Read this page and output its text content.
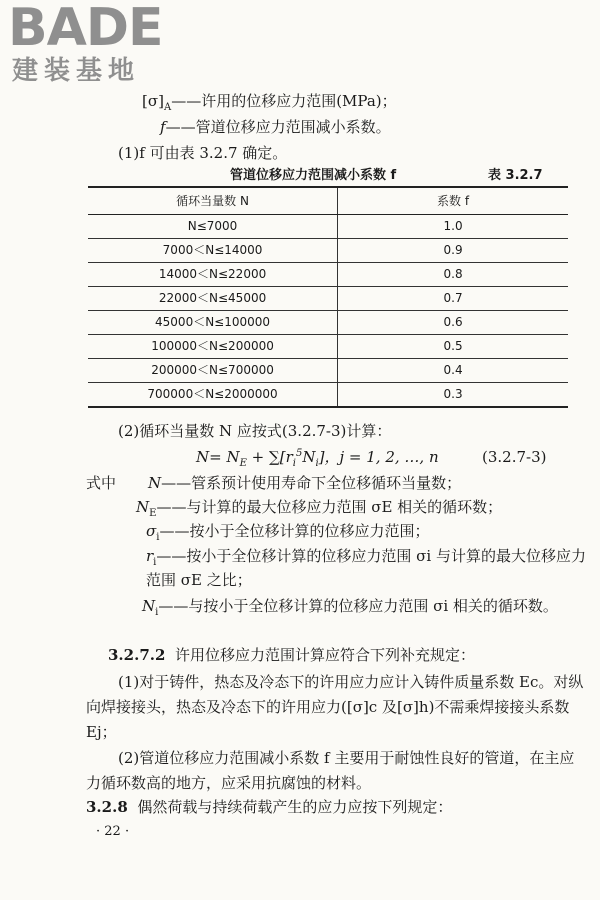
BADE
建装基地
$[\sigma]_A——$许用的位移应力范围(MPa)；
f——管道位移应力范围减小系数。
(1)f 可由表 3.2.7 确定。
管道位移应力范围减小系数 f	表 3.2.7
循环当量数 N	系数 f
N≤7000	1.0
7000＜N≤14000	0.9
14000＜N≤22000	0.8
22000＜N≤45000	0.7
45000＜N≤100000	0.6
100000＜N≤200000	0.5
200000＜N≤700000	0.4
700000＜N≤2000000	0.3
(2)循环当量数 N 应按式(3.2.7-3)计算：
$N= N_E + \sum[r_i^5N_i]$，j = 1, 2, …, n	(3.2.7-3)
式中 N——管系预计使用寿命下全位移循环当量数；
$N_E——$与计算的最大位移应力范围 σE 相关的循环数；
$\sigma_i——$按小于全位移计算的位移应力范围；
$r_i——$按小于全位移计算的位移应力范围 σi 与计算的最大位移应力范围 σE 之比；
$N_i——$与按小于全位移计算的位移应力范围 σi 相关的循环数。
3.2.7.2 许用位移应力范围计算应符合下列补充规定：
(1)对于铸件，热态及冷态下的许用应力应计入铸件质量系数 Ec。对纵向焊接接头，热态及冷态下的许用应力([σ]c 及[σ]h)不需乘焊接接头系数 Ej；
(2)管道位移应力范围减小系数 f 主要用于耐蚀性良好的管道，在主应力循环数高的地方，应采用抗腐蚀的材料。
3.2.8 偶然荷载与持续荷载产生的应力应按下列规定：
· 22 ·
